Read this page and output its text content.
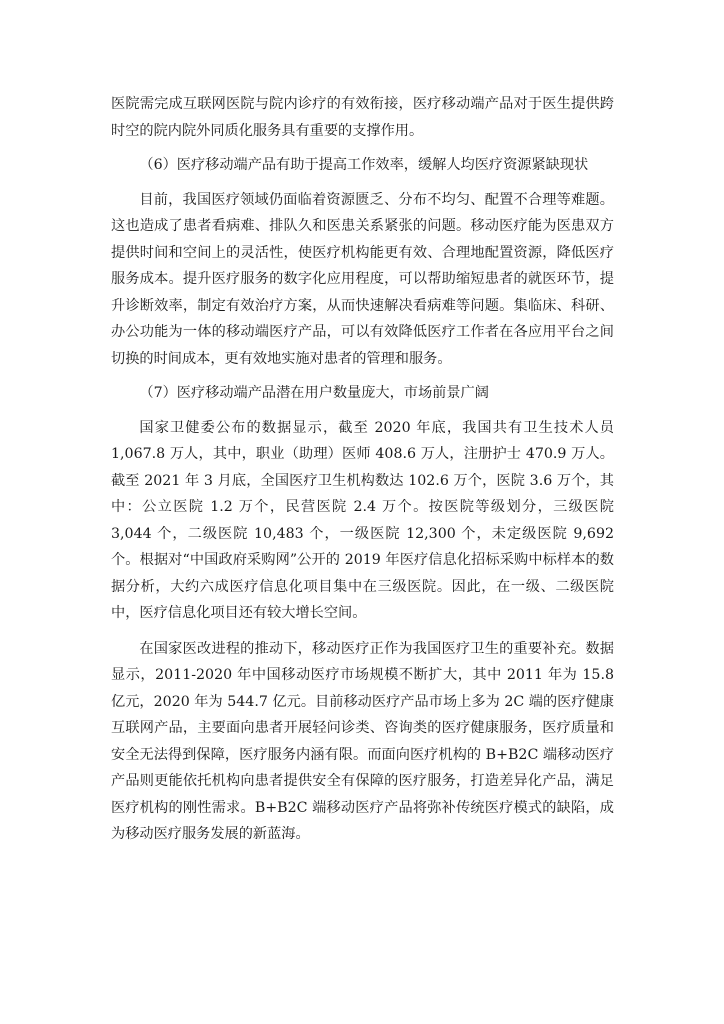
医院需完成互联网医院与院内诊疗的有效衔接，医疗移动端产品对于医生提供跨时空的院内院外同质化服务具有重要的支撑作用。

（6）医疗移动端产品有助于提高工作效率，缓解人均医疗资源紧缺现状

目前，我国医疗领域仍面临着资源匮乏、分布不均匀、配置不合理等难题。这也造成了患者看病难、排队久和医患关系紧张的问题。移动医疗能为医患双方提供时间和空间上的灵活性，使医疗机构能更有效、合理地配置资源，降低医疗服务成本。提升医疗服务的数字化应用程度，可以帮助缩短患者的就医环节，提升诊断效率，制定有效治疗方案，从而快速解决看病难等问题。集临床、科研、办公功能为一体的移动端医疗产品，可以有效降低医疗工作者在各应用平台之间切换的时间成本，更有效地实施对患者的管理和服务。

（7）医疗移动端产品潜在用户数量庞大，市场前景广阔

国家卫健委公布的数据显示，截至 2020 年底，我国共有卫生技术人员 1,067.8 万人，其中，职业（助理）医师 408.6 万人，注册护士 470.9 万人。截至 2021 年 3 月底，全国医疗卫生机构数达 102.6 万个，医院 3.6 万个，其中：公立医院 1.2 万个，民营医院 2.4 万个。按医院等级划分，三级医院 3,044 个，二级医院 10,483 个，一级医院 12,300 个，未定级医院 9,692 个。根据对“中国政府采购网”公开的 2019 年医疗信息化招标采购中标样本的数据分析，大约六成医疗信息化项目集中在三级医院。因此，在一级、二级医院中，医疗信息化项目还有较大增长空间。

在国家医改进程的推动下，移动医疗正作为我国医疗卫生的重要补充。数据显示，2011-2020 年中国移动医疗市场规模不断扩大，其中 2011 年为 15.8 亿元，2020 年为 544.7 亿元。目前移动医疗产品市场上多为 2C 端的医疗健康互联网产品，主要面向患者开展轻问诊类、咨询类的医疗健康服务，医疗质量和安全无法得到保障，医疗服务内涵有限。而面向医疗机构的 B+B2C 端移动医疗产品则更能依托机构向患者提供安全有保障的医疗服务，打造差异化产品，满足医疗机构的刚性需求。B+B2C 端移动医疗产品将弥补传统医疗模式的缺陷，成为移动医疗服务发展的新蓝海。
